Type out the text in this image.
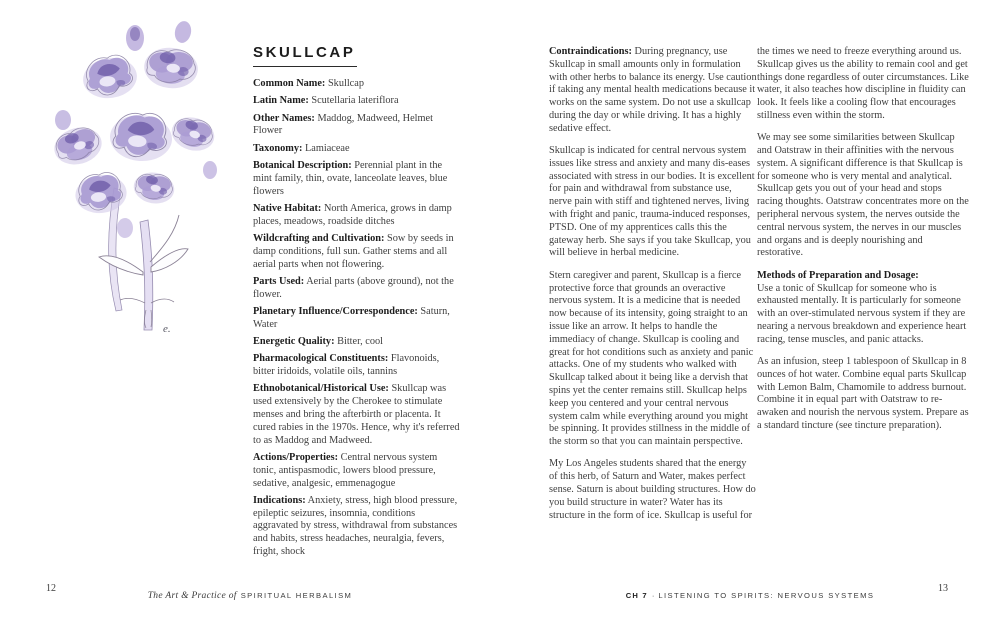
e.
SKULLCAP

Common Name: Skullcap

Latin Name: Scutellaria lateriflora

Other Names: Maddog, Madweed, Helmet Flower

Taxonomy: Lamiaceae

Botanical Description: Perennial plant in the mint family, thin, ovate, lanceolate leaves, blue flowers

Native Habitat: North America, grows in damp places, meadows, roadside ditches

Wildcrafting and Cultivation: Sow by seeds in damp conditions, full sun. Gather stems and all aerial parts when not flowering.

Parts Used: Aerial parts (above ground), not the flower.

Planetary Influence/Correspondence: Saturn, Water

Energetic Quality: Bitter, cool

Pharmacological Constituents: Flavonoids, bitter iridoids, volatile oils, tannins

Ethnobotanical/Historical Use: Skullcap was used extensively by the Cherokee to stimulate menses and bring the afterbirth or placenta. It cured rabies in the 1970s. Hence, why it's referred to as Maddog and Madweed.

Actions/Properties: Central nervous system tonic, antispasmodic, lowers blood pressure, sedative, analgesic, emmenagogue

Indications: Anxiety, stress, high blood pressure, epileptic seizures, insomnia, conditions aggravated by stress, withdrawal from substances and habits, stress headaches, neuralgia, fevers, fright, shock

Contraindications: During pregnancy, use Skullcap in small amounts only in formulation with other herbs to balance its energy. Use caution if taking any mental health medications because it works on the same system. Do not use a skullcap during the day or while driving. It has a highly sedative effect.

Skullcap is indicated for central nervous system issues like stress and anxiety and many dis-eases associated with stress in our bodies. It is excellent for pain and withdrawal from substance use, nerve pain with stiff and tightened nerves, living with fright and panic, trauma-induced responses, PTSD. One of my apprentices calls this the gateway herb. She says if you take Skullcap, you will believe in herbal medicine.

Stern caregiver and parent, Skullcap is a fierce protective force that grounds an overactive nervous system. It is a medicine that is needed now because of its intensity, going straight to an issue like an arrow. It helps to handle the immediacy of change. Skullcap is cooling and great for hot conditions such as anxiety and panic attacks. One of my students who walked with Skullcap talked about it being like a dervish that spins yet the center remains still. Skullcap helps keep you centered and your central nervous system calm while everything around you might be spinning. It provides stillness in the middle of the storm so that you can maintain perspective.

My Los Angeles students shared that the energy of this herb, of Saturn and Water, makes perfect sense. Saturn is about building structures. How do you build structure in water? Water has its structure in the form of ice. Skullcap is useful for

the times we need to freeze everything around us. Skullcap gives us the ability to remain cool and get things done regardless of outer circumstances. Like water, it also teaches how discipline in fluidity can look. It feels like a cooling flow that encourages stillness even within the storm.

We may see some similarities between Skullcap and Oatstraw in their affinities with the nervous system. A significant difference is that Skullcap is for someone who is very mental and analytical. Skullcap gets you out of your head and stops racing thoughts. Oatstraw concentrates more on the peripheral nervous system, the nerves outside the central nervous system, the nerves in our muscles and organs and is deeply nourishing and restorative.

Methods of Preparation and Dosage:
Use a tonic of Skullcap for someone who is exhausted mentally. It is particularly for someone with an over-stimulated nervous system if they are nearing a nervous breakdown and experience heart racing, tense muscles, and panic attacks.

As an infusion, steep 1 tablespoon of Skullcap in 8 ounces of hot water. Combine equal parts Skullcap with Lemon Balm, Chamomile to address burnout. Combine it in equal part with Oatstraw to re-awaken and nourish the nervous system. Prepare as a standard tincture (see tincture preparation).

12
The Art & Practice of SPIRITUAL HERBALISM	CH 7 · LISTENING TO SPIRITS: NERVOUS SYSTEMS
13
